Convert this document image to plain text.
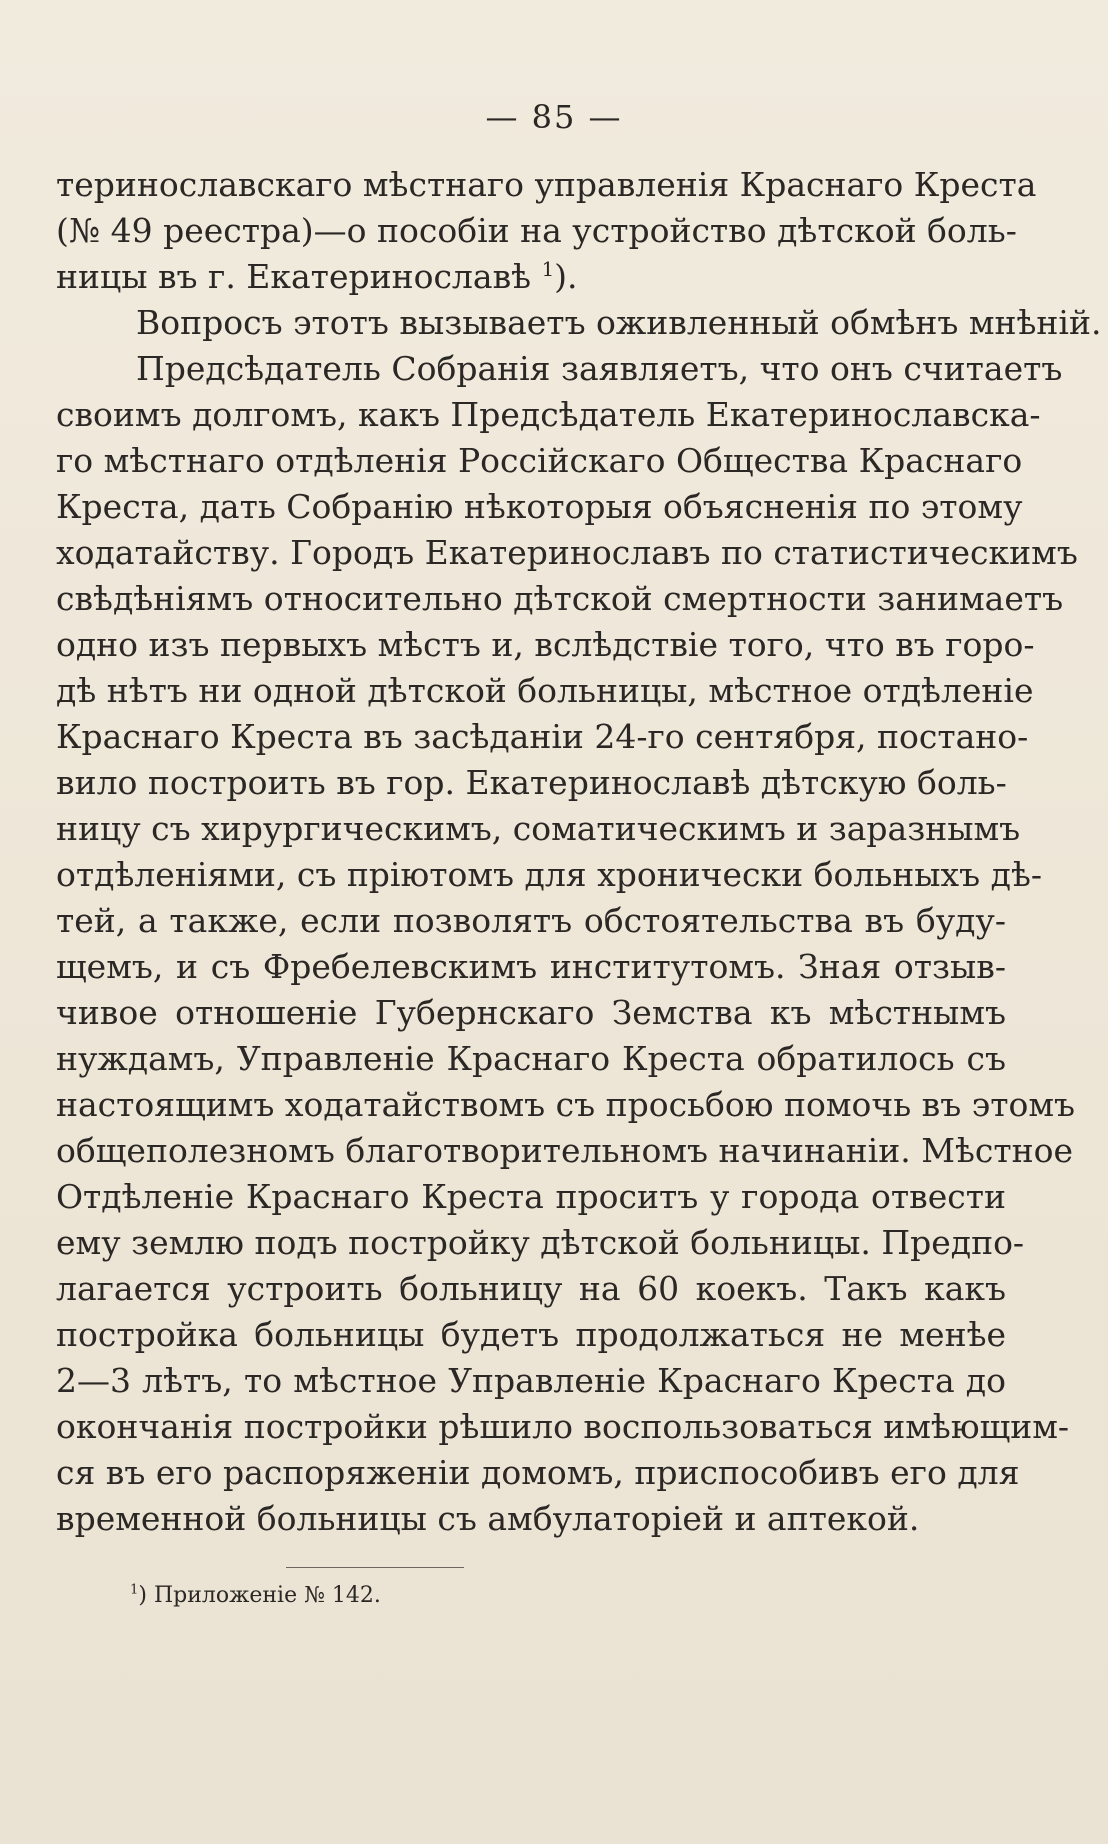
— 85 —
теринославскаго мѣстнаго управленія Краснаго Креста
(№ 49 реестра)—о пособіи на устройство дѣтской боль-
ницы въ г. Екатеринославѣ $^1$).
Вопросъ этотъ вызываетъ оживленный обмѣнъ мнѣній.
Предсѣдатель Собранія заявляетъ, что онъ считаетъ
своимъ долгомъ, какъ Предсѣдатель Екатеринославска-
го мѣстнаго отдѣленія Россійскаго Общества Краснаго
Креста, дать Собранію нѣкоторыя объясненія по этому
ходатайству. Городъ Екатеринославъ по статистическимъ
свѣдѣніямъ относительно дѣтской смертности занимаетъ
одно изъ первыхъ мѣстъ и, вслѣдствіе того, что въ горо-
дѣ нѣтъ ни одной дѣтской больницы, мѣстное отдѣленіе
Краснаго Креста въ засѣданіи 24-го сентября, постано-
вило построить въ гор. Екатеринославѣ дѣтскую боль-
ницу съ хирургическимъ, соматическимъ и заразнымъ
отдѣленіями, съ пріютомъ для хронически больныхъ дѣ-
тей, а также, если позволятъ обстоятельства въ буду-
щемъ, и съ Фребелевскимъ институтомъ. Зная отзыв-
чивое отношеніе Губернскаго Земства къ мѣстнымъ
нуждамъ, Управленіе Краснаго Креста обратилось съ
настоящимъ ходатайствомъ съ просьбою помочь въ этомъ
общеполезномъ благотворительномъ начинаніи. Мѣстное
Отдѣленіе Краснаго Креста проситъ у города отвести
ему землю подъ постройку дѣтской больницы. Предпо-
лагается устроить больницу на 60 коекъ. Такъ какъ
постройка больницы будетъ продолжаться не менѣе
2—3 лѣтъ, то мѣстное Управленіе Краснаго Креста до
окончанія постройки рѣшило воспользоваться имѣющим-
ся въ его распоряженіи домомъ, приспособивъ его для
временной больницы съ амбулаторіей и аптекой.
$^1$) Приложеніе № 142.
